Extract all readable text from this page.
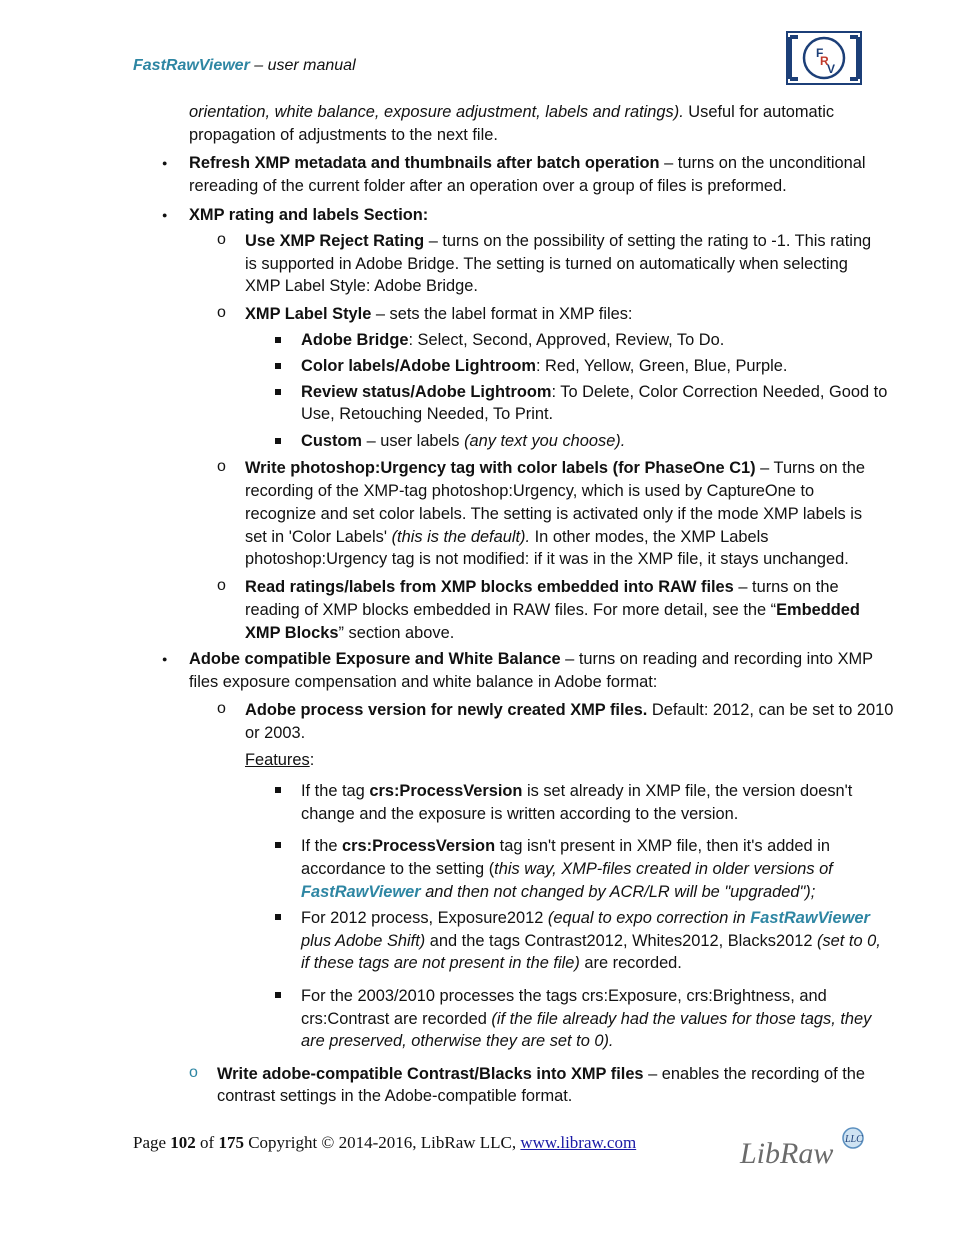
FastRawViewer – user manual
F
R
V
orientation, white balance, exposure adjustment, labels and ratings). Useful for automatic
propagation of adjustments to the next file.
●
Refresh XMP metadata and thumbnails after batch operation – turns on the unconditional
rereading of the current folder after an operation over a group of files is preformed.
●
XMP rating and labels Section:
o Use XMP Reject Rating – turns on the possibility of setting the rating to -1. This rating
is supported in Adobe Bridge. The setting is turned on automatically when selecting
XMP Label Style: Adobe Bridge.
o XMP Label Style – sets the label format in XMP files:
Adobe Bridge: Select, Second, Approved, Review, To Do.
Color labels/Adobe Lightroom: Red, Yellow, Green, Blue, Purple.
Review status/Adobe Lightroom: To Delete, Color Correction Needed, Good to
Use, Retouching Needed, To Print.
Custom – user labels (any text you choose).
o Write photoshop:Urgency tag with color labels (for PhaseOne C1) – Turns on the
recording of the XMP-tag photoshop:Urgency, which is used by CaptureOne to
recognize and set color labels. The setting is activated only if the mode XMP labels is
set in 'Color Labels' (this is the default). In other modes, the XMP Labels
photoshop:Urgency tag is not modified: if it was in the XMP file, it stays unchanged.
o Read ratings/labels from XMP blocks embedded into RAW files – turns on the
reading of XMP blocks embedded in RAW files. For more detail, see the “Embedded
XMP Blocks” section above.
●
Adobe compatible Exposure and White Balance – turns on reading and recording into XMP
files exposure compensation and white balance in Adobe format:
o Adobe process version for newly created XMP files. Default: 2012, can be set to 2010
or 2003.
Features:
If the tag crs:ProcessVersion is set already in XMP file, the version doesn't
change and the exposure is written according to the version.
If the crs:ProcessVersion tag isn't present in XMP file, then it's added in
accordance to the setting (this way, XMP-files created in older versions of
FastRawViewer and then not changed by ACR/LR will be "upgraded");
For 2012 process, Exposure2012 (equal to expo correction in FastRawViewer
plus Adobe Shift) and the tags Contrast2012, Whites2012, Blacks2012 (set to 0,
if these tags are not present in the file) are recorded.
For the 2003/2010 processes the tags crs:Exposure, crs:Brightness, and
crs:Contrast are recorded (if the file already had the values for those tags, they
are preserved, otherwise they are set to 0).
o Write adobe-compatible Contrast/Blacks into XMP files – enables the recording of the
contrast settings in the Adobe-compatible format.
Page 102 of 175 Copyright © 2014-2016, LibRaw LLC, www.libraw.com	LibRaw LLC
